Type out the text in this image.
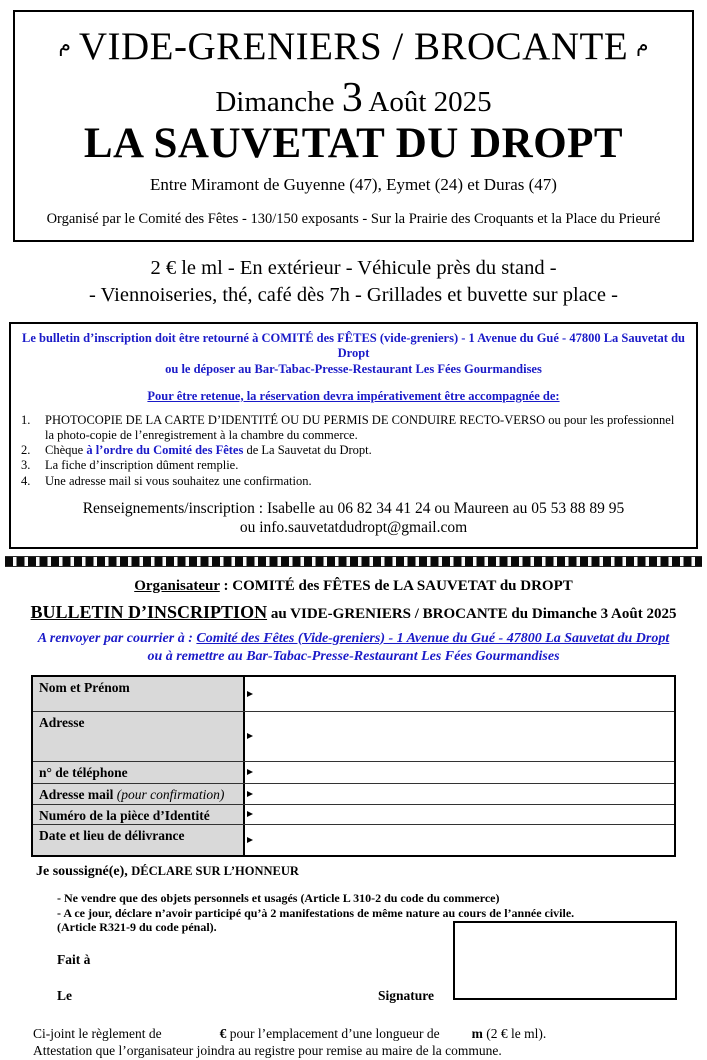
$^م$ VIDE-GRENIERS / BROCANTE $^م$
Dimanche 3 Août 2025
LA SAUVETAT DU DROPT
Entre Miramont de Guyenne (47), Eymet (24) et Duras (47)
Organisé par le Comité des Fêtes - 130/150 exposants - Sur la Prairie des Croquants et la Place du Prieuré
2 € le ml - En extérieur - Véhicule près du stand -
- Viennoiseries, thé, café dès 7h - Grillades et buvette sur place -
Le bulletin d’inscription doit être retourné à COMITÉ des FÊTES (vide-greniers) - 1 Avenue du Gué - 47800 La Sauvetat du Dropt
ou le déposer au Bar-Tabac-Presse-Restaurant Les Fées Gourmandises
Pour être retenue, la réservation devra impérativement être accompagnée de:
1.	PHOTOCOPIE DE LA CARTE D’IDENTITÉ OU DU PERMIS DE CONDUIRE RECTO-VERSO ou pour les professionnel la photo-copie de l’enregistrement à la chambre du commerce.
2.	Chèque à l’ordre du Comité des Fêtes de La Sauvetat du Dropt.
3.	La fiche d’inscription dûment remplie.
4.	Une adresse mail si vous souhaitez une confirmation.
Renseignements/inscription : Isabelle au 06 82 34 41 24 ou Maureen au 05 53 88 89 95
ou info.sauvetatdudropt@gmail.com
Organisateur : COMITÉ des FÊTES de LA SAUVETAT du DROPT
BULLETIN D’INSCRIPTION au VIDE-GRENIERS / BROCANTE du Dimanche 3 Août 2025
A renvoyer par courrier à : Comité des Fêtes (Vide-greniers) - 1 Avenue du Gué - 47800 La Sauvetat du Dropt
ou à remettre au Bar-Tabac-Presse-Restaurant Les Fées Gourmandises
Nom et Prénom
Adresse
n° de téléphone
Adresse mail (pour confirmation)
Numéro de la pièce d’Identité
Date et lieu de délivrance
Je soussigné(e), DÉCLARE SUR L’HONNEUR
- Ne vendre que des objets personnels et usagés (Article L 310-2 du code du commerce)
- A ce jour, déclare n’avoir participé qu’à 2 manifestations de même nature au cours de l’année civile.
(Article R321-9 du code pénal).
Fait à
Le	Signature
Ci-joint le règlement de	€ pour l’emplacement d’une longueur de m (2 € le ml).
Attestation que l’organisateur joindra au registre pour remise au maire de la commune.
